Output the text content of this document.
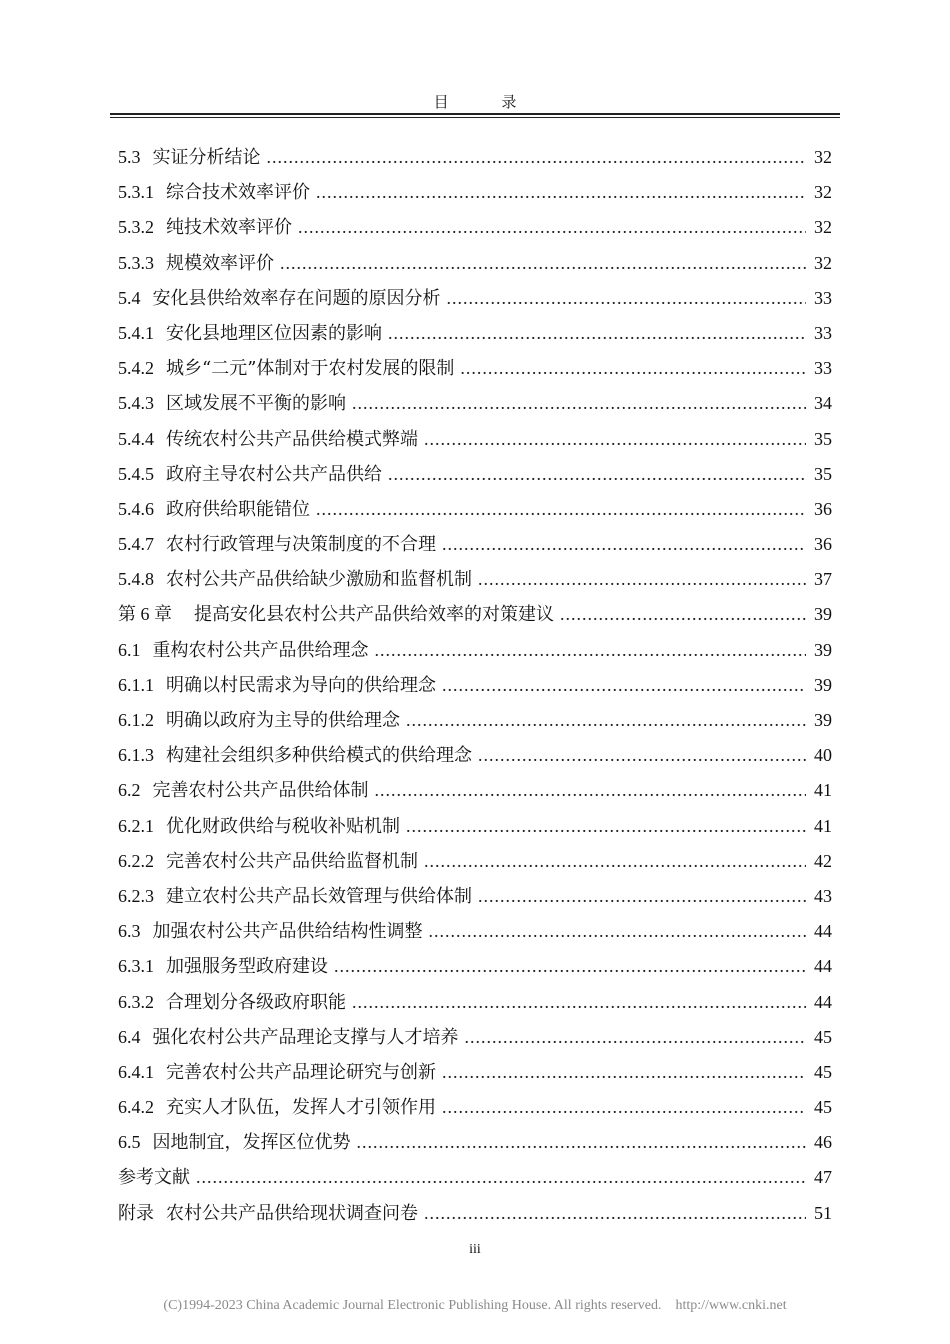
目 录
5.3 实证分析结论 .....	32
5.3.1 综合技术效率评价 .....	32
5.3.2 纯技术效率评价 .....	32
5.3.3 规模效率评价 .....	32
5.4 安化县供给效率存在问题的原因分析 .....	33
5.4.1 安化县地理区位因素的影响 .....	33
5.4.2 城乡“二元”体制对于农村发展的限制 .....	33
5.4.3 区域发展不平衡的影响 .....	34
5.4.4 传统农村公共产品供给模式弊端 .....	35
5.4.5 政府主导农村公共产品供给 .....	35
5.4.6 政府供给职能错位 .....	36
5.4.7 农村行政管理与决策制度的不合理 .....	36
5.4.8 农村公共产品供给缺少激励和监督机制 .....	37
第 6 章 提高安化县农村公共产品供给效率的对策建议 .....	39
6.1 重构农村公共产品供给理念 .....	39
6.1.1 明确以村民需求为导向的供给理念 .....	39
6.1.2 明确以政府为主导的供给理念 .....	39
6.1.3 构建社会组织多种供给模式的供给理念 .....	40
6.2 完善农村公共产品供给体制 .....	41
6.2.1 优化财政供给与税收补贴机制 .....	41
6.2.2 完善农村公共产品供给监督机制 .....	42
6.2.3 建立农村公共产品长效管理与供给体制 .....	43
6.3 加强农村公共产品供给结构性调整 .....	44
6.3.1 加强服务型政府建设 .....	44
6.3.2 合理划分各级政府职能 .....	44
6.4 强化农村公共产品理论支撑与人才培养 .....	45
6.4.1 完善农村公共产品理论研究与创新 .....	45
6.4.2 充实人才队伍，发挥人才引领作用 .....	45
6.5 因地制宜，发挥区位优势 .....	46
参考文献 .....	47
附录 农村公共产品供给现状调查问卷 .....	51
iii
(C)1994-2023 China Academic Journal Electronic Publishing House. All rights reserved. http://www.cnki.net
